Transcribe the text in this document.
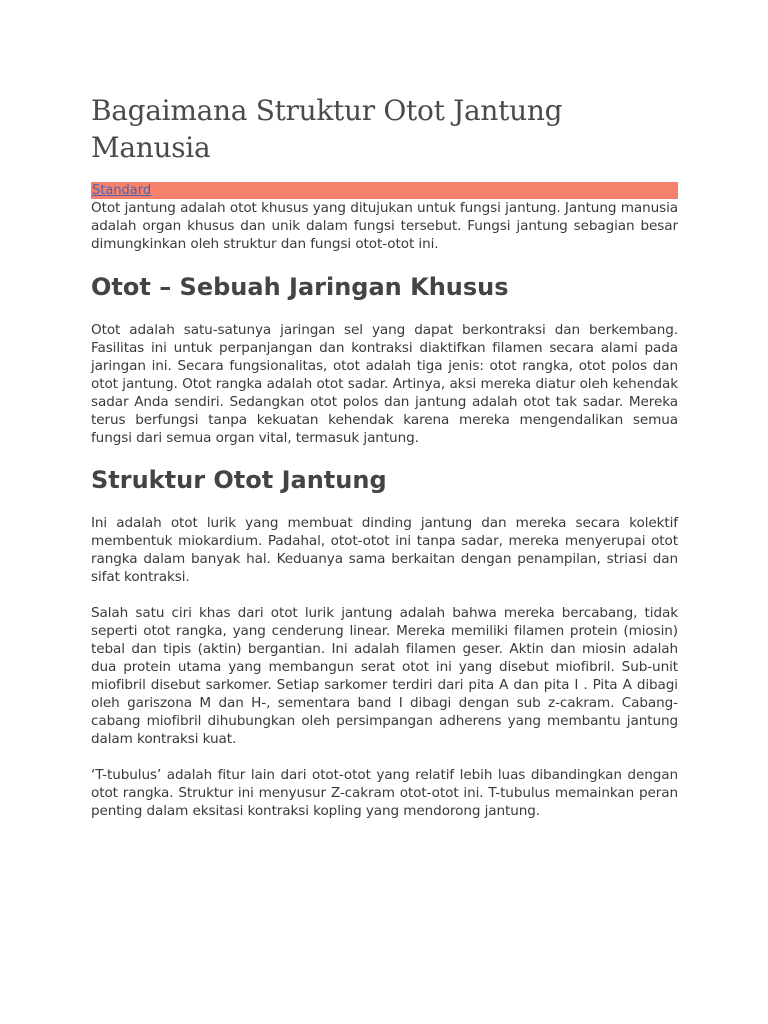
Bagaimana Struktur Otot Jantung Manusia
Standard

Otot jantung adalah otot khusus yang ditujukan untuk fungsi jantung. Jantung manusia adalah organ khusus dan unik dalam fungsi tersebut. Fungsi jantung sebagian besar dimungkinkan oleh struktur dan fungsi otot-otot ini.

Otot – Sebuah Jaringan Khusus

Otot adalah satu-satunya jaringan sel yang dapat berkontraksi dan berkembang. Fasilitas ini untuk perpanjangan dan kontraksi diaktifkan filamen secara alami pada jaringan ini. Secara fungsionalitas, otot adalah tiga jenis: otot rangka, otot polos dan otot jantung. Otot rangka adalah otot sadar. Artinya, aksi mereka diatur oleh kehendak sadar Anda sendiri. Sedangkan otot polos dan jantung adalah otot tak sadar. Mereka terus berfungsi tanpa kekuatan kehendak karena mereka mengendalikan semua fungsi dari semua organ vital, termasuk jantung.

Struktur Otot Jantung

Ini adalah otot lurik yang membuat dinding jantung dan mereka secara kolektif membentuk miokardium. Padahal, otot-otot ini tanpa sadar, mereka menyerupai otot rangka dalam banyak hal. Keduanya sama berkaitan dengan penampilan, striasi dan sifat kontraksi.

Salah satu ciri khas dari otot lurik jantung adalah bahwa mereka bercabang, tidak seperti otot rangka, yang cenderung linear. Mereka memiliki filamen protein (miosin) tebal dan tipis (aktin) bergantian. Ini adalah filamen geser. Aktin dan miosin adalah dua protein utama yang membangun serat otot ini yang disebut miofibril. Sub-unit miofibril disebut sarkomer. Setiap sarkomer terdiri dari pita A dan pita I . Pita A dibagi oleh gariszona M dan H-, sementara band I dibagi dengan sub z-cakram. Cabang-cabang miofibril dihubungkan oleh persimpangan adherens yang membantu jantung dalam kontraksi kuat.

‘T-tubulus’ adalah fitur lain dari otot-otot yang relatif lebih luas dibandingkan dengan otot rangka. Struktur ini menyusur Z-cakram otot-otot ini. T-tubulus memainkan peran penting dalam eksitasi kontraksi kopling yang mendorong jantung.
